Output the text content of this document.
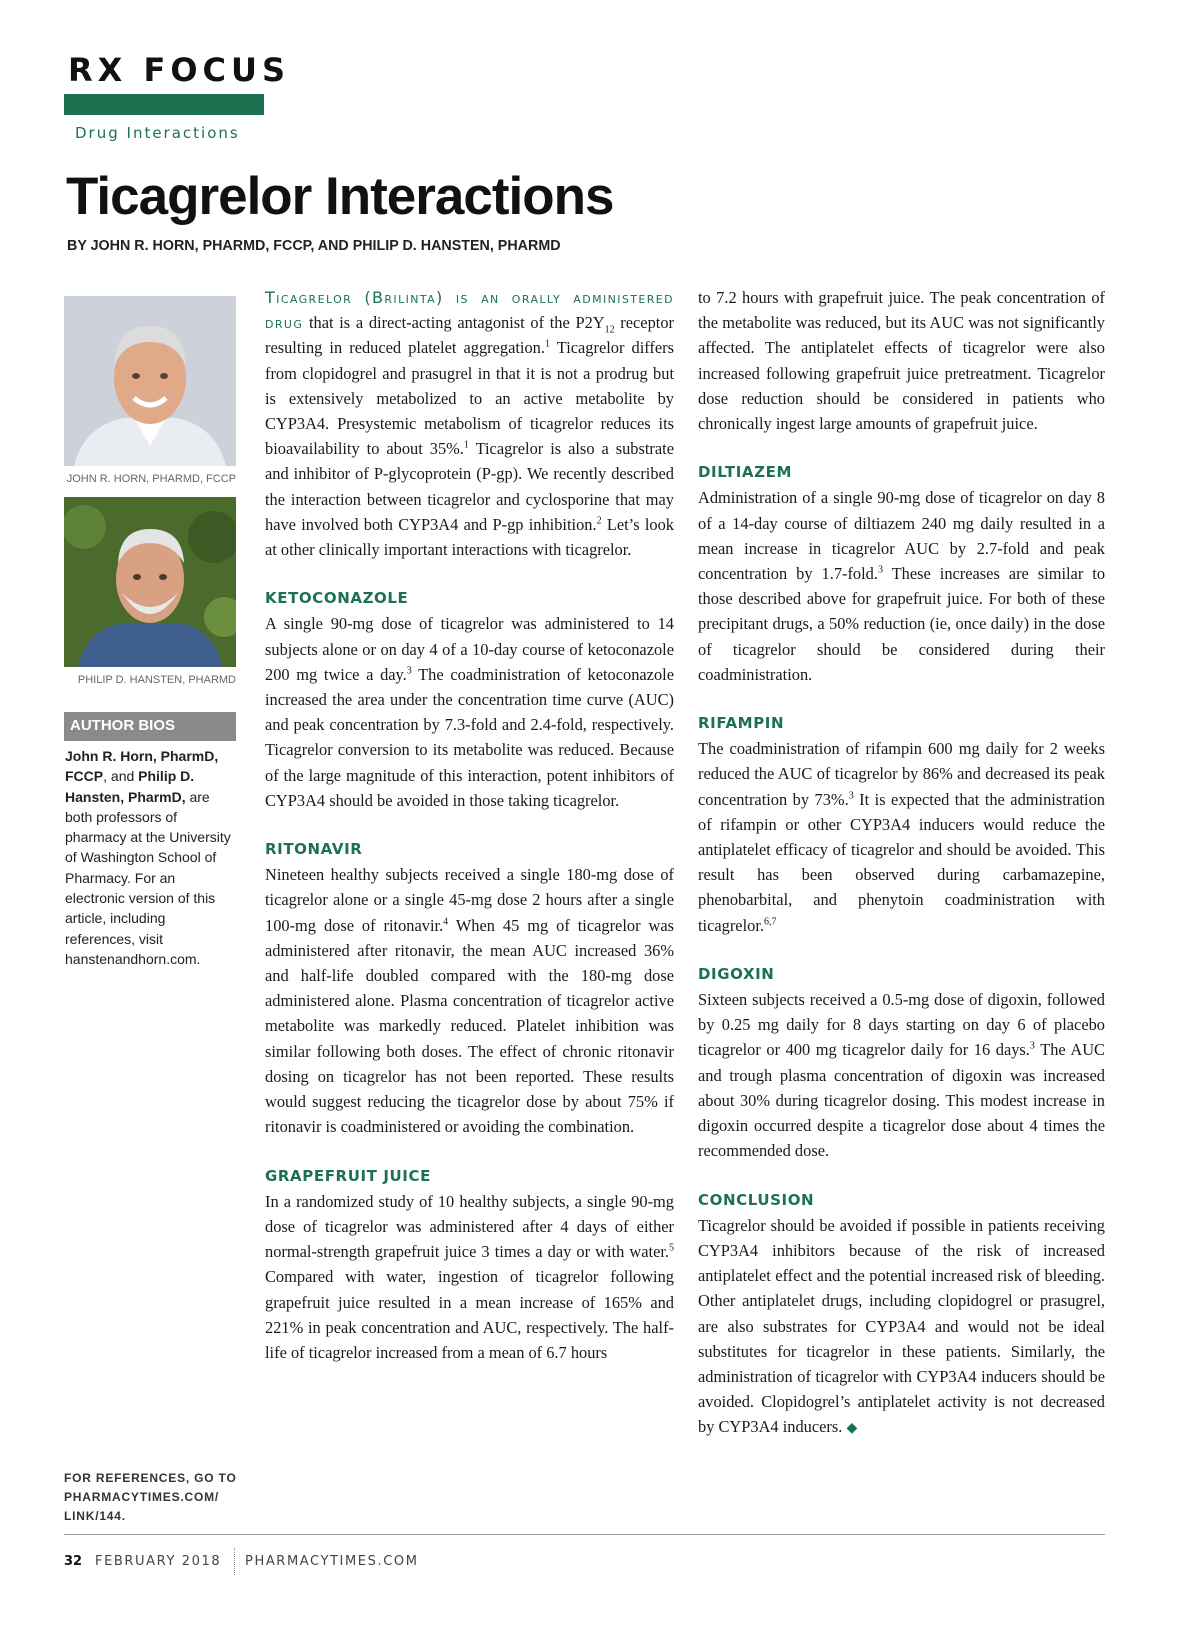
RX FOCUS
Drug Interactions
Ticagrelor Interactions
BY JOHN R. HORN, PHARMD, FCCP, AND PHILIP D. HANSTEN, PHARMD
JOHN R. HORN, PHARMD, FCCP
PHILIP D. HANSTEN, PHARMD
AUTHOR BIOS
John R. Horn, PharmD, FCCP, and Philip D. Hansten, PharmD, are both professors of pharmacy at the University of Washington School of Pharmacy. For an electronic version of this article, including references, visit hanstenandhorn.com.
FOR REFERENCES, GO TO PHARMACYTIMES.COM/ LINK/144.

Ticagrelor (Brilinta) is an orally administered drug that is a direct-acting antagonist of the $P2Y_{12}$ receptor resulting in reduced platelet aggregation.$^1$ Ticagrelor differs from clopidogrel and prasugrel in that it is not a prodrug but is extensively metabolized to an active metabolite by CYP3A4. Presystemic metabolism of ticagrelor reduces its bioavailability to about 35%.$^1$ Ticagrelor is also a substrate and inhibitor of P-glycoprotein (P-gp). We recently described the interaction between ticagrelor and cyclosporine that may have involved both CYP3A4 and P-gp inhibition.$^2$ Let’s look at other clinically important interactions with ticagrelor.

KETOCONAZOLE

A single 90-mg dose of ticagrelor was administered to 14 subjects alone or on day 4 of a 10-day course of ketoconazole 200 mg twice a day.$^3$ The coadministration of ketoconazole increased the area under the concentration time curve (AUC) and peak concentration by 7.3-fold and 2.4-fold, respectively. Ticagrelor conversion to its metabolite was reduced. Because of the large magnitude of this interaction, potent inhibitors of CYP3A4 should be avoided in those taking ticagrelor.

RITONAVIR

Nineteen healthy subjects received a single 180-mg dose of ticagrelor alone or a single 45-mg dose 2 hours after a single 100-mg dose of ritonavir.$^4$ When 45 mg of ticagrelor was administered after ritonavir, the mean AUC increased 36% and half-life doubled compared with the 180-mg dose administered alone. Plasma concentration of ticagrelor active metabolite was markedly reduced. Platelet inhibition was similar following both doses. The effect of chronic ritonavir dosing on ticagrelor has not been reported. These results would suggest reducing the ticagrelor dose by about 75% if ritonavir is coadministered or avoiding the combination.

GRAPEFRUIT JUICE

In a randomized study of 10 healthy subjects, a single 90-mg dose of ticagrelor was administered after 4 days of either normal-strength grapefruit juice 3 times a day or with water.$^5$ Compared with water, ingestion of ticagrelor following grapefruit juice resulted in a mean increase of 165% and 221% in peak concentration and AUC, respectively. The half-life of ticagrelor increased from a mean of 6.7 hours

to 7.2 hours with grapefruit juice. The peak concentration of the metabolite was reduced, but its AUC was not significantly affected. The antiplatelet effects of ticagrelor were also increased following grapefruit juice pretreatment. Ticagrelor dose reduction should be considered in patients who chronically ingest large amounts of grapefruit juice.

DILTIAZEM

Administration of a single 90-mg dose of ticagrelor on day 8 of a 14-day course of diltiazem 240 mg daily resulted in a mean increase in ticagrelor AUC by 2.7-fold and peak concentration by 1.7-fold.$^3$ These increases are similar to those described above for grapefruit juice. For both of these precipitant drugs, a 50% reduction (ie, once daily) in the dose of ticagrelor should be considered during their coadministration.

RIFAMPIN

The coadministration of rifampin 600 mg daily for 2 weeks reduced the AUC of ticagrelor by 86% and decreased its peak concentration by 73%.$^3$ It is expected that the administration of rifampin or other CYP3A4 inducers would reduce the antiplatelet efficacy of ticagrelor and should be avoided. This result has been observed during carbamazepine, phenobarbital, and phenytoin coadministration with ticagrelor.$^{6,7}$

DIGOXIN

Sixteen subjects received a 0.5-mg dose of digoxin, followed by 0.25 mg daily for 8 days starting on day 6 of placebo ticagrelor or 400 mg ticagrelor daily for 16 days.$^3$ The AUC and trough plasma concentration of digoxin was increased about 30% during ticagrelor dosing. This modest increase in digoxin occurred despite a ticagrelor dose about 4 times the recommended dose.

CONCLUSION

Ticagrelor should be avoided if possible in patients receiving CYP3A4 inhibitors because of the risk of increased antiplatelet effect and the potential increased risk of bleeding. Other antiplatelet drugs, including clopidogrel or prasugrel, are also substrates for CYP3A4 and would not be ideal substitutes for ticagrelor in these patients. Similarly, the administration of ticagrelor with CYP3A4 inducers should be avoided. Clopidogrel’s antiplatelet activity is not decreased by CYP3A4 inducers. ◆

32 FEBRUARY 2018 PHARMACYTIMES.COM
